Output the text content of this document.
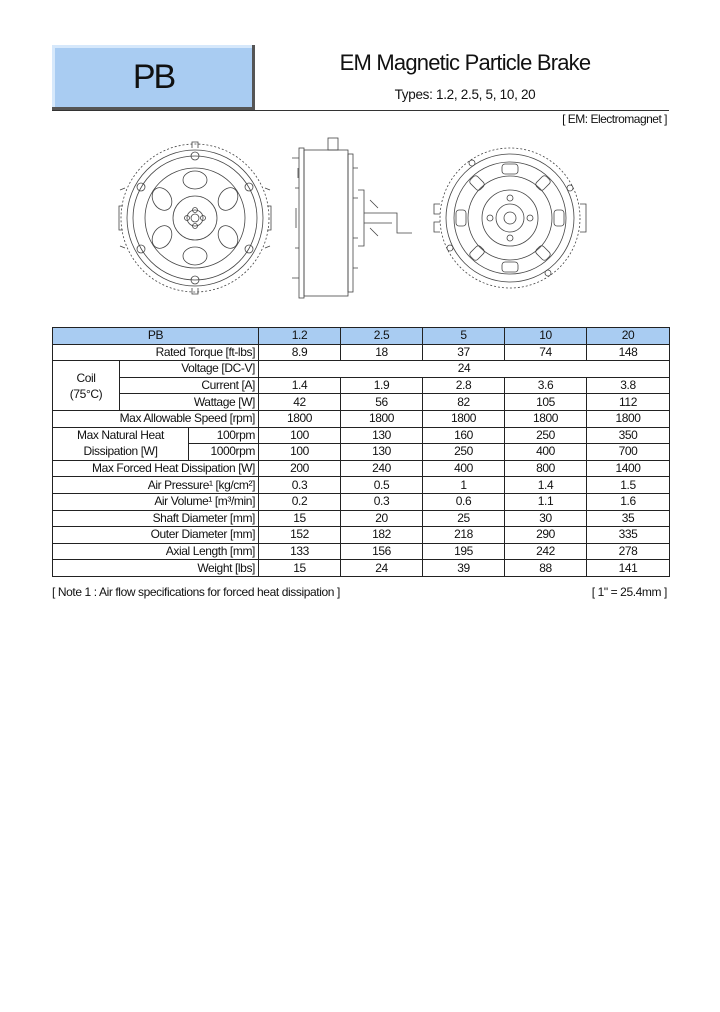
PB	EM Magnetic Particle Brake
Types: 1.2, 2.5, 5, 10, 20
[ EM: Electromagnet ]
PB			1.2	2.5	5	10	20
Rated Torque [ft-lbs]			8.9	18	37	74	148
Coil
(75°C)	Voltage [DC-V]		24				
	Current [A]		1.4	1.9	2.8	3.6	3.8
	Wattage [W]		42	56	82	105	112
Max Allowable Speed [rpm]			1800	1800	1800	1800	1800
Max Natural Heat		100rpm	100	130	160	250	350
Dissipation [W]		1000rpm	100	130	250	400	700
Max Forced Heat Dissipation [W]			200	240	400	800	1400
Air Pressure¹ [kg/cm²]			0.3	0.5	1	1.4	1.5
Air Volume¹ [m³/min]			0.2	0.3	0.6	1.1	1.6
Shaft Diameter [mm]			15	20	25	30	35
Outer Diameter [mm]			152	182	218	290	335
Axial Length [mm]			133	156	195	242	278
Weight [lbs]			15	24	39	88	141
[ Note 1 : Air flow specifications for forced heat dissipation ]	[ 1" = 25.4mm ]
